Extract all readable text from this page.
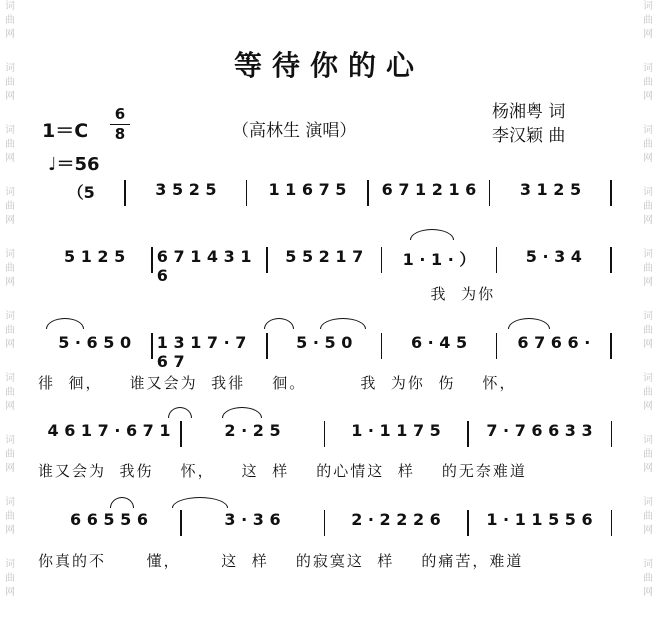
词
曲
网
词
曲
网
词
曲
网
词
曲
网
词
曲
网
词
曲
网
词
曲
网
词
曲
网
词
曲
网
词
曲
网
词
曲
网
词
曲
网
词
曲
网
词
曲
网
词
曲
网
词
曲
网
词
曲
网
词
曲
网
词
曲
网
词
曲
网
等待你的心
1＝C
6
8
♩＝56
（高林生 演唱）
杨湘粤 词
李汉颖 曲
（5	3 5 2 5	1 1 6 7 5	6 7 1 2 1 6	3 1 2 5
5 1 2 5	6 7 1 4 3 1 6
5 5 2 1 7	1 · 1 · ）	5 · 3 4
我  为你
5 · 6 5 0	1 3 1 7 · 7 6 7
5 · 5 0	6 · 4 5	6 7 6 6 ·
徘  徊，    谁又会为  我徘    徊。        我  为你  伤    怀，
4 6 1 7 · 6 7 1	2 · 2 5	1 · 1 1 7 5	7 · 7 6 6 3 3
谁又会为  我伤    怀，    这  样    的心情这  样    的无奈难道
6 6 5 5 6	3 · 3 6	2 · 2 2 2 6	1 · 1 1 5 5 6
你真的不      懂，      这  样    的寂寞这  样    的痛苦，难道
